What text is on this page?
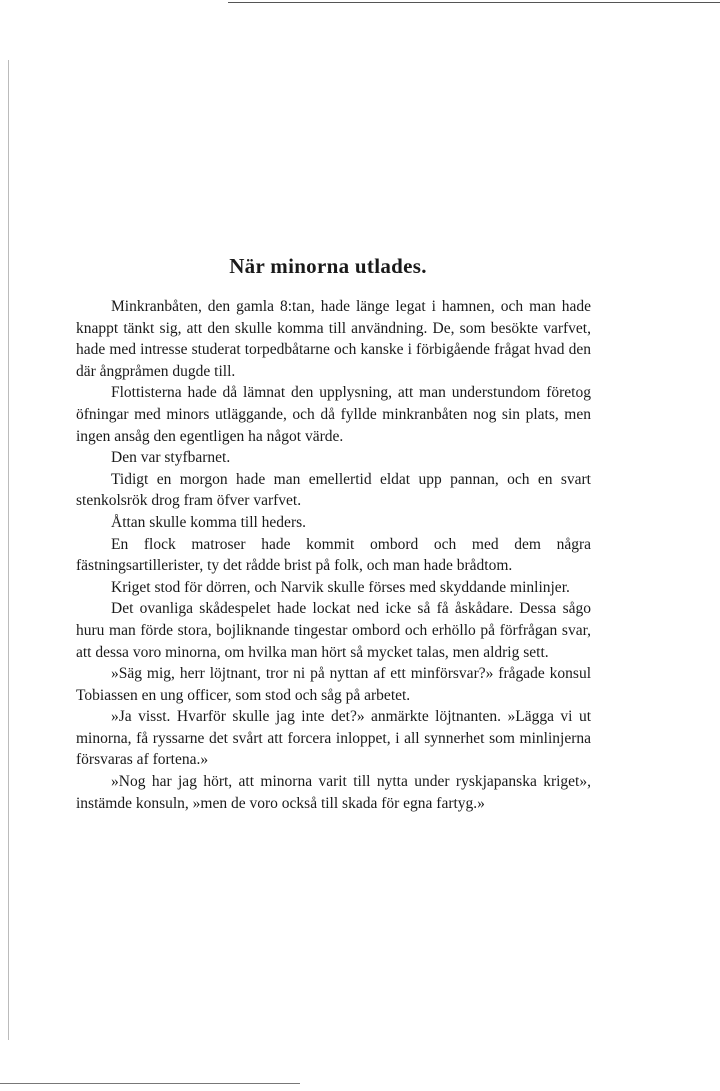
När minorna utlades.

Minkranbåten, den gamla 8:tan, hade länge legat i hamnen, och man hade knappt tänkt sig, att den skulle komma till användning. De, som besökte varfvet, hade med intresse studerat torpedbåtarne och kanske i förbigående frågat hvad den där ångpråmen dugde till.

Flottisterna hade då lämnat den upplysning, att man understundom företog öfningar med minors utläggande, och då fyllde minkranbåten nog sin plats, men ingen ansåg den egentligen ha något värde.

Den var styfbarnet.

Tidigt en morgon hade man emellertid eldat upp pannan, och en svart stenkolsrök drog fram öfver varfvet.

Åttan skulle komma till heders.

En flock matroser hade kommit ombord och med dem några fästningsartillerister, ty det rådde brist på folk, och man hade brådtom.

Kriget stod för dörren, och Narvik skulle förses med skyddande minlinjer.

Det ovanliga skådespelet hade lockat ned icke så få åskådare. Dessa sågo huru man förde stora, bojliknande tingestar ombord och erhöllo på förfrågan svar, att dessa voro minorna, om hvilka man hört så mycket talas, men aldrig sett.

»Säg mig, herr löjtnant, tror ni på nyttan af ett minförsvar?» frågade konsul Tobiassen en ung officer, som stod och såg på arbetet.

»Ja visst. Hvarför skulle jag inte det?» anmärkte löjtnanten. »Lägga vi ut minorna, få ryssarne det svårt att forcera inloppet, i all synnerhet som minlinjerna försvaras af fortena.»

»Nog har jag hört, att minorna varit till nytta under ryskjapanska kriget», instämde konsuln, »men de voro också till skada för egna fartyg.»
